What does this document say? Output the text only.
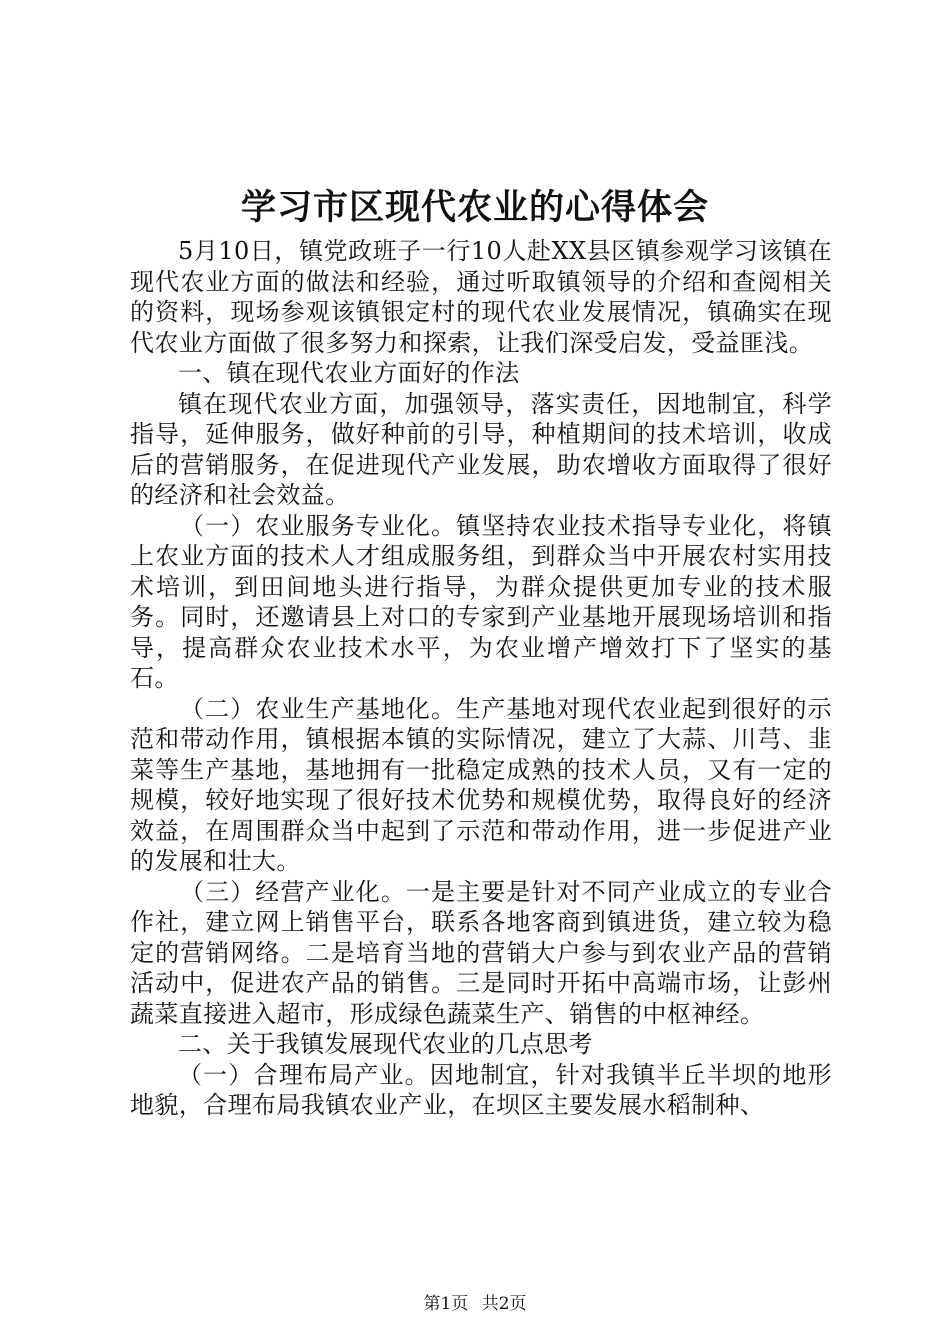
学习市区现代农业的心得体会

5月10日，镇党政班子一行10人赴XX县区镇参观学习该镇在现代农业方面的做法和经验，通过听取镇领导的介绍和查阅相关的资料，现场参观该镇银定村的现代农业发展情况，镇确实在现代农业方面做了很多努力和探索，让我们深受启发，受益匪浅。

一、镇在现代农业方面好的作法

镇在现代农业方面，加强领导，落实责任，因地制宜，科学指导，延伸服务，做好种前的引导，种植期间的技术培训，收成后的营销服务，在促进现代产业发展，助农增收方面取得了很好的经济和社会效益。

（一）农业服务专业化。镇坚持农业技术指导专业化，将镇上农业方面的技术人才组成服务组，到群众当中开展农村实用技术培训，到田间地头进行指导，为群众提供更加专业的技术服务。同时，还邀请县上对口的专家到产业基地开展现场培训和指导，提高群众农业技术水平，为农业增产增效打下了坚实的基石。

（二）农业生产基地化。生产基地对现代农业起到很好的示范和带动作用，镇根据本镇的实际情况，建立了大蒜、川芎、韭菜等生产基地，基地拥有一批稳定成熟的技术人员，又有一定的规模，较好地实现了很好技术优势和规模优势，取得良好的经济效益，在周围群众当中起到了示范和带动作用，进一步促进产业的发展和壮大。

（三）经营产业化。一是主要是针对不同产业成立的专业合作社，建立网上销售平台，联系各地客商到镇进货，建立较为稳定的营销网络。二是培育当地的营销大户参与到农业产品的营销活动中，促进农产品的销售。三是同时开拓中高端市场，让彭州蔬菜直接进入超市，形成绿色蔬菜生产、销售的中枢神经。

二、关于我镇发展现代农业的几点思考

（一）合理布局产业。因地制宜，针对我镇半丘半坝的地形地貌，合理布局我镇农业产业，在坝区主要发展水稻制种、

第1页 共2页
